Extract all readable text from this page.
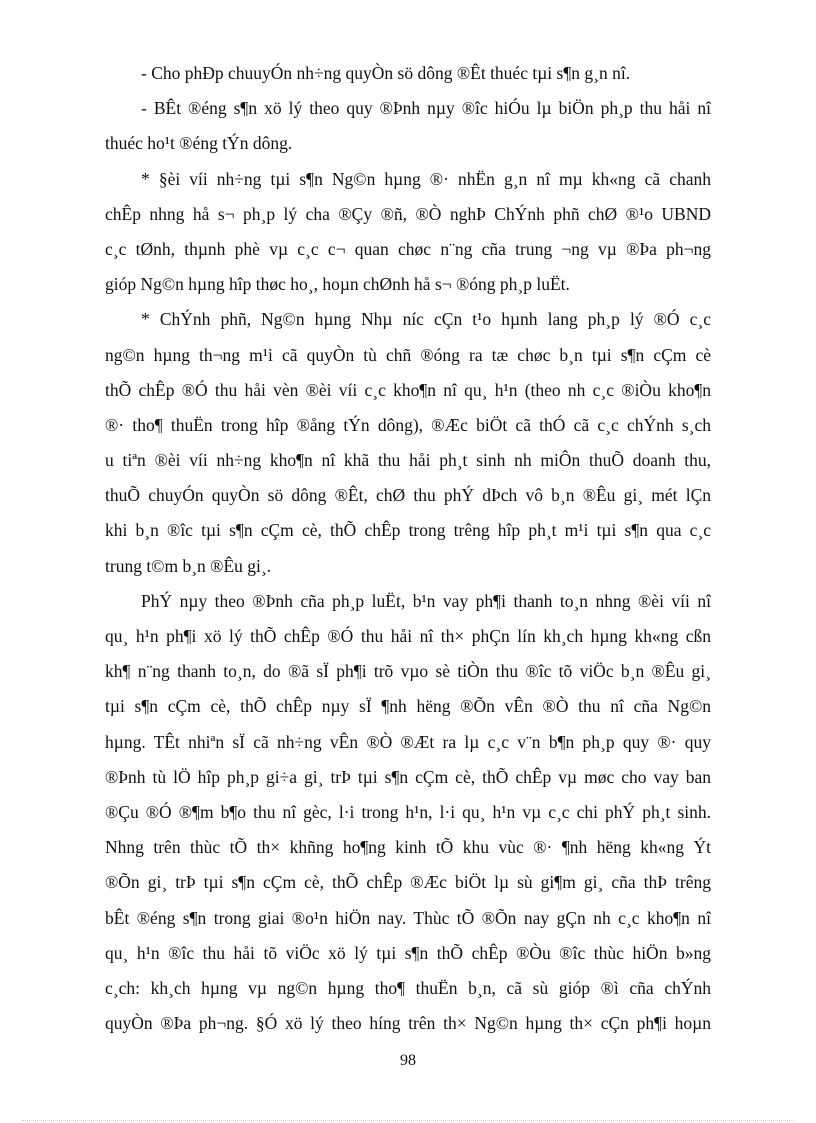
- Cho phÐp chuuyÓn nh÷ng quyÒn sö dông ®Êt thuéc tµi s¶n g¸n nî.
- BÊt ®éng s¶n xö lý theo quy ®Þnh nµy ®îc hiÓu lµ biÖn ph¸p thu håi nî
thuéc ho¹t ®éng tÝn dông.
* §èi víi nh÷ng tµi s¶n Ng©n hµng ®· nhËn g¸n nî mµ kh«ng cã chanh
chÊp nhng hå s¬ ph¸p lý cha ®Çy ®ñ, ®Ò nghÞ ChÝnh phñ chØ ®¹o UBND
c¸c tØnh, thµnh phè vµ c¸c c¬ quan chøc n¨ng cña trung ¬ng vµ ®Þa ph¬ng
gióp Ng©n hµng hîp thøc ho¸, hoµn chØnh hå s¬ ®óng ph¸p luËt.
* ChÝnh phñ, Ng©n hµng Nhµ níc cÇn t¹o hµnh lang ph¸p lý ®Ó c¸c
ng©n hµng th¬ng m¹i cã quyÒn tù chñ ®óng ra tæ chøc b¸n tµi s¶n cÇm cè
thÕ chÊp ®Ó thu håi vèn ®èi víi c¸c kho¶n nî qu¸ h¹n (theo nh c¸c ®iÒu kho¶n
®· tho¶ thuËn trong hîp ®ång tÝn dông), ®Æc biÖt cã thÓ cã c¸c chÝnh s¸ch
u tiªn ®èi víi nh÷ng kho¶n nî khã thu håi ph¸t sinh nh miÔn thuÕ doanh thu,
thuÕ chuyÓn quyÒn sö dông ®Êt, chØ thu phÝ dÞch vô b¸n ®Êu gi¸ mét lÇn
khi b¸n ®îc tµi s¶n cÇm cè, thÕ chÊp trong trêng hîp ph¸t m¹i tµi s¶n qua c¸c
trung t©m b¸n ®Êu gi¸.
PhÝ nµy theo ®Þnh cña ph¸p luËt, b¹n vay ph¶i thanh to¸n nhng ®èi víi nî
qu¸ h¹n ph¶i xö lý thÕ chÊp ®Ó thu håi nî th× phÇn lín kh¸ch hµng kh«ng cßn
kh¶ n¨ng thanh to¸n, do ®ã sÏ ph¶i trõ vµo sè tiÒn thu ®îc tõ viÖc b¸n ®Êu gi¸
tµi s¶n cÇm cè, thÕ chÊp nµy sÏ ¶nh hëng ®Õn vÊn ®Ò thu nî cña Ng©n
hµng. TÊt nhiªn sÏ cã nh÷ng vÊn ®Ò ®Æt ra lµ c¸c v¨n b¶n ph¸p quy ®· quy
®Þnh tù lÖ hîp ph¸p gi÷a gi¸ trÞ tµi s¶n cÇm cè, thÕ chÊp vµ møc cho vay ban
®Çu ®Ó ®¶m b¶o thu nî gèc, l·i trong h¹n, l·i qu¸ h¹n vµ c¸c chi phÝ ph¸t sinh.
Nhng trên thùc tÕ th× khñng ho¶ng kinh tÕ khu vùc ®· ¶nh hëng kh«ng Ýt
®Õn gi¸ trÞ tµi s¶n cÇm cè, thÕ chÊp ®Æc biÖt lµ sù gi¶m gi¸ cña thÞ trêng
bÊt ®éng s¶n trong giai ®o¹n hiÖn nay. Thùc tÕ ®Õn nay gÇn nh c¸c kho¶n nî
qu¸ h¹n ®îc thu håi tõ viÖc xö lý tµi s¶n thÕ chÊp ®Òu ®îc thùc hiÖn b»ng
c¸ch: kh¸ch hµng vµ ng©n hµng tho¶ thuËn b¸n, cã sù gióp ®ì cña chÝnh
quyÒn ®Þa ph¬ng. §Ó xö lý theo híng trên th× Ng©n hµng th× cÇn ph¶i hoµn
98
